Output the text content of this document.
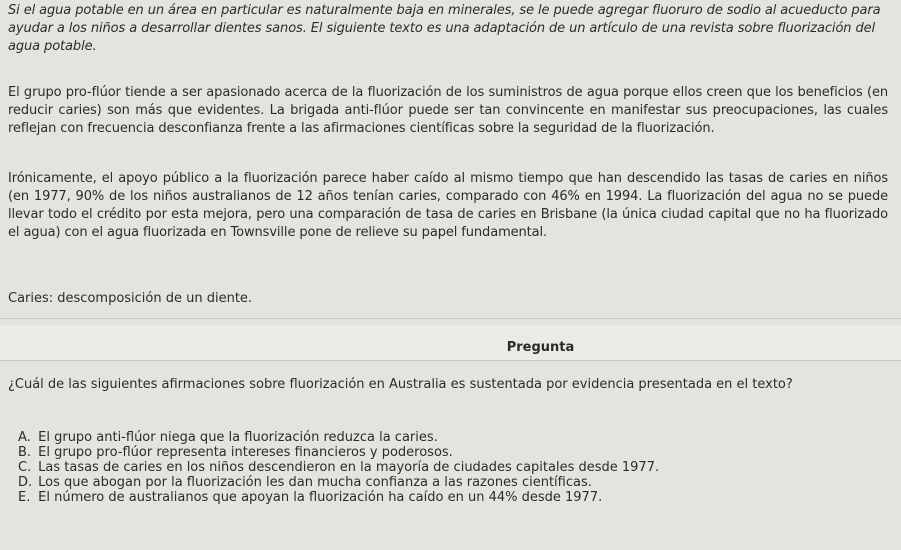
Si el agua potable en un área en particular es naturalmente baja en minerales, se le puede agregar fluoruro de sodio al acueducto para ayudar a los niños a desarrollar dientes sanos. El siguiente texto es una adaptación de un artículo de una revista sobre fluorización del agua potable.
El grupo pro-flúor tiende a ser apasionado acerca de la fluorización de los suministros de agua porque ellos creen que los beneficios (en reducir caries) son más que evidentes. La brigada anti-flúor puede ser tan convincente en manifestar sus preocupaciones, las cuales reflejan con frecuencia desconfianza frente a las afirmaciones científicas sobre la seguridad de la fluorización.
Irónicamente, el apoyo público a la fluorización parece haber caído al mismo tiempo que han descendido las tasas de caries en niños (en 1977, 90% de los niños australianos de 12 años tenían caries, comparado con 46% en 1994. La fluorización del agua no se puede llevar todo el crédito por esta mejora, pero una comparación de tasa de caries en Brisbane (la única ciudad capital que no ha fluorizado el agua) con el agua fluorizada en Townsville pone de relieve su papel fundamental.
Caries: descomposición de un diente.
Pregunta
¿Cuál de las siguientes afirmaciones sobre fluorización en Australia es sustentada por evidencia presentada en el texto?
A. El grupo anti-flúor niega que la fluorización reduzca la caries.
B. El grupo pro-flúor representa intereses financieros y poderosos.
C. Las tasas de caries en los niños descendieron en la mayoría de ciudades capitales desde 1977.
D. Los que abogan por la fluorización les dan mucha confianza a las razones científicas.
E. El número de australianos que apoyan la fluorización ha caído en un 44% desde 1977.
